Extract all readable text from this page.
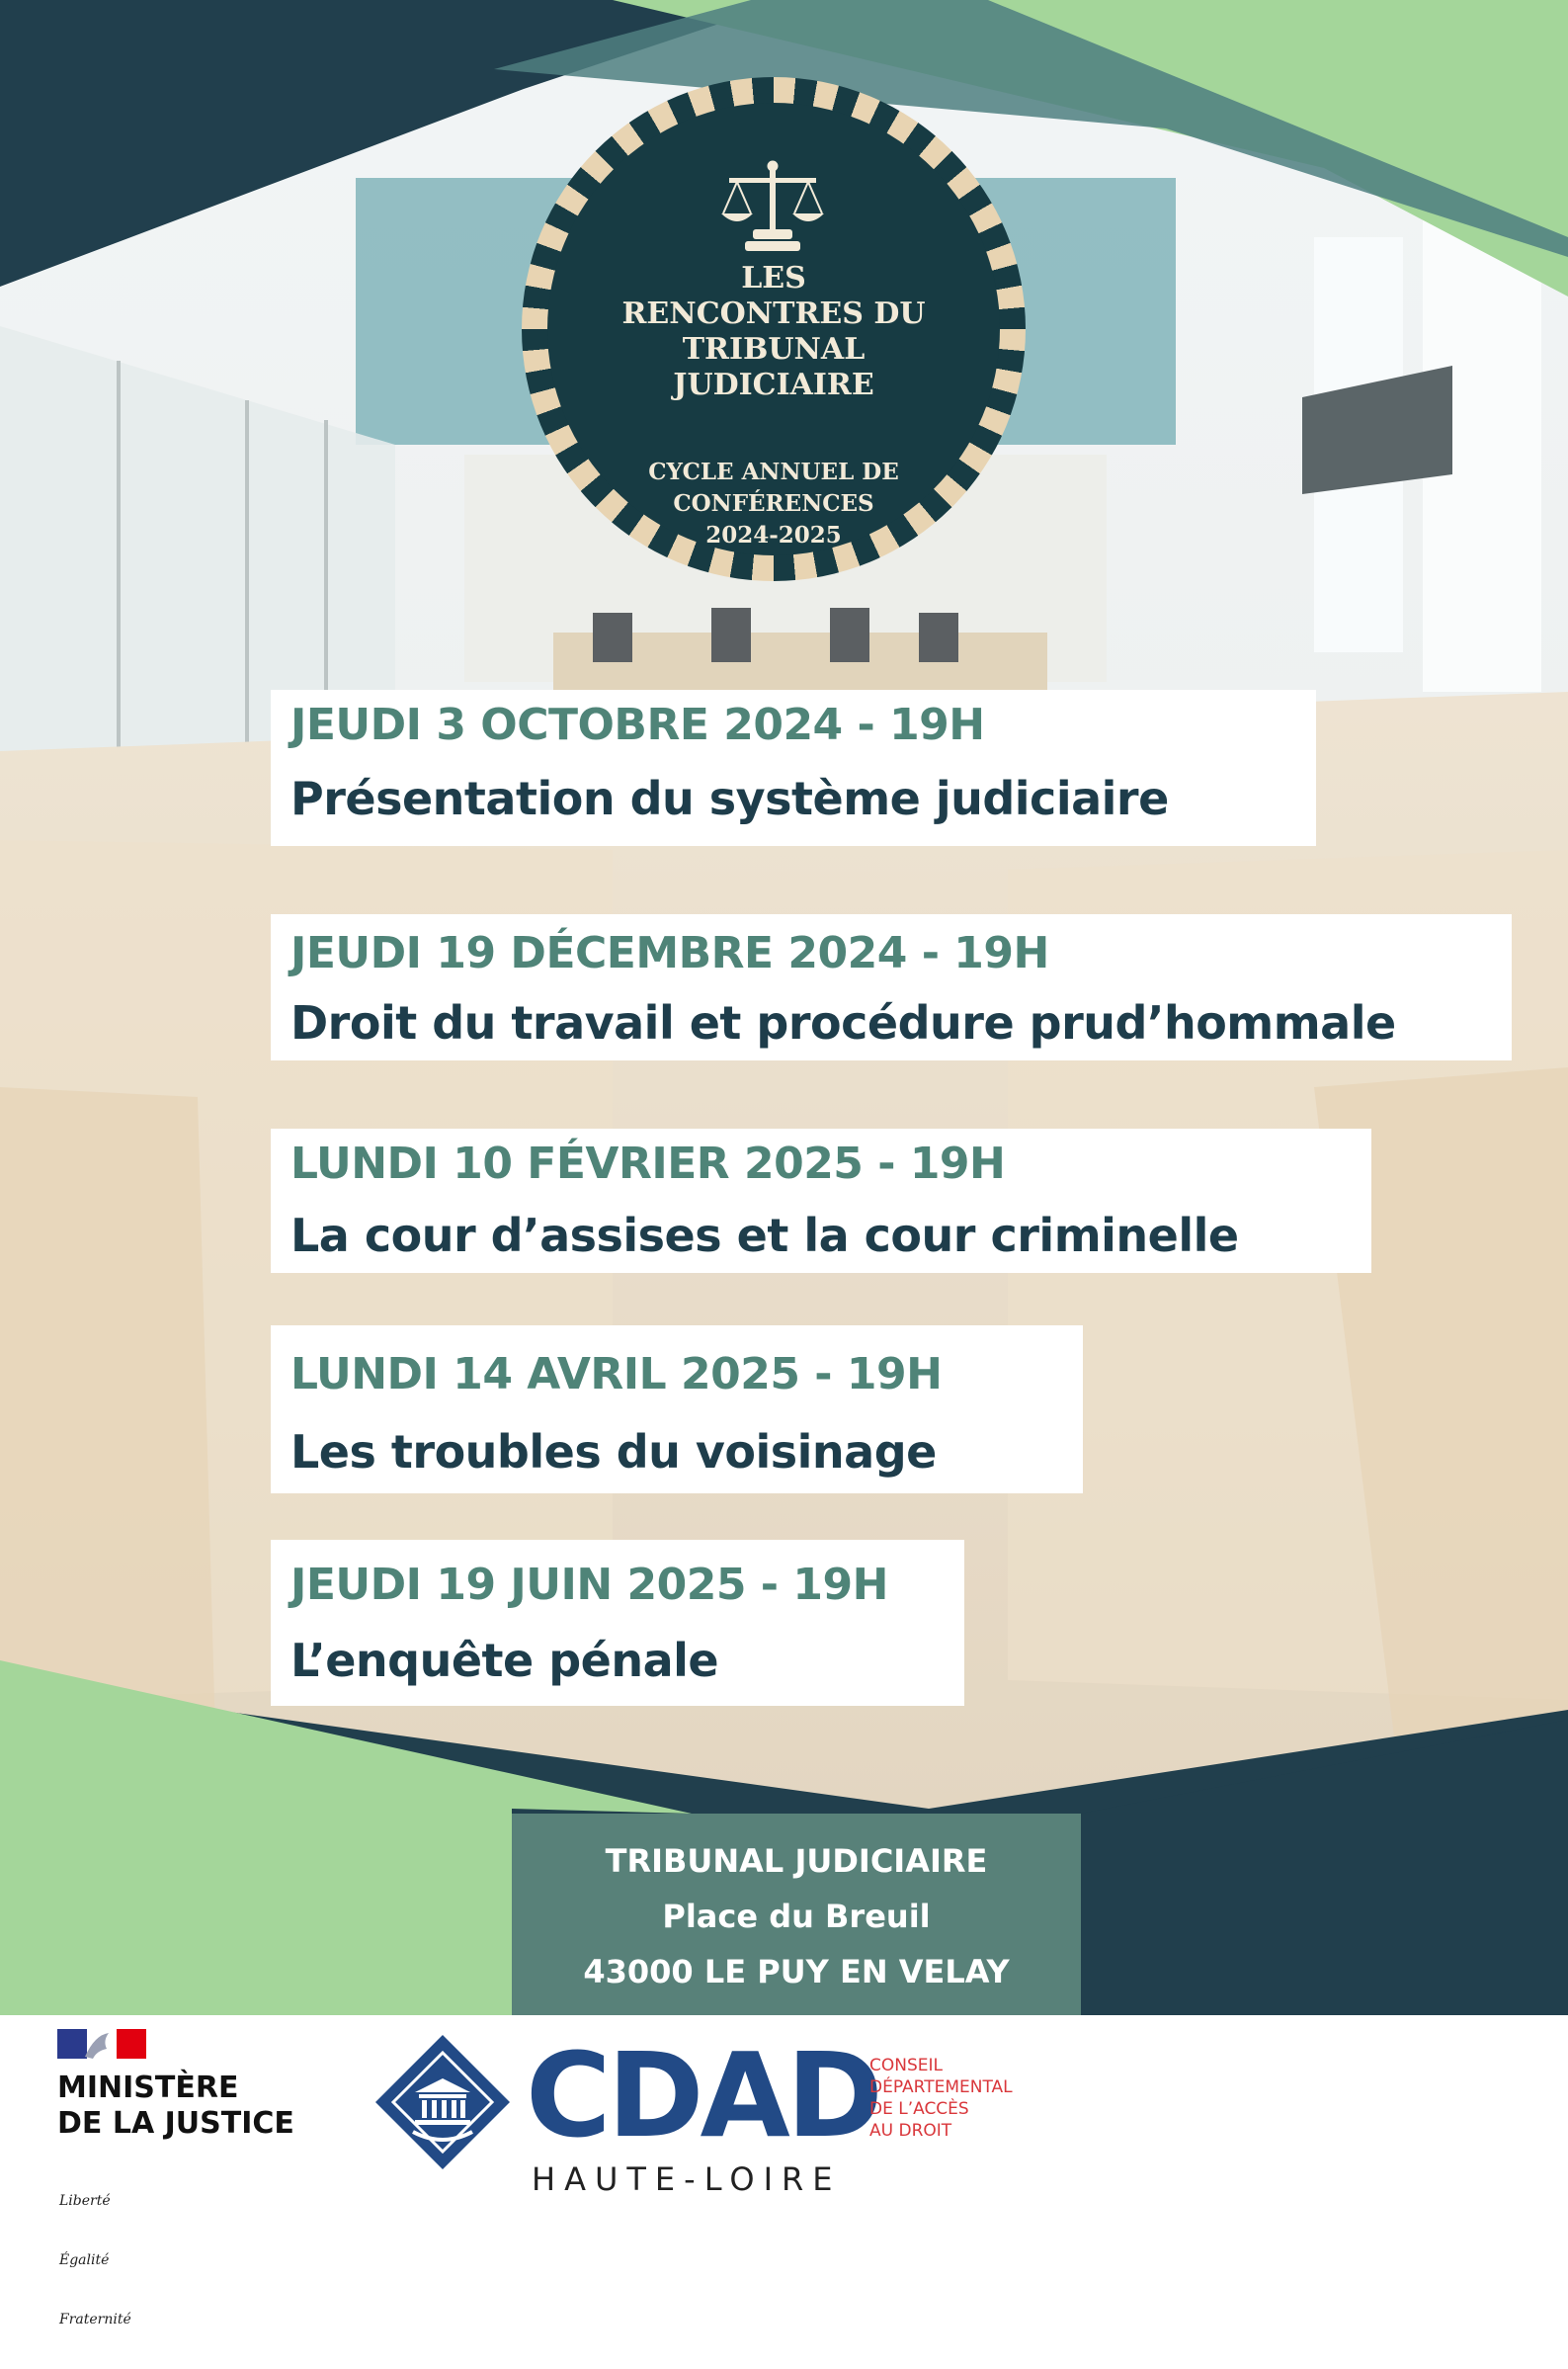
LES
RENCONTRES DU
TRIBUNAL
JUDICIAIRE
CYCLE ANNUEL DE
CONFÉRENCES
2024-2025
JEUDI 3 OCTOBRE 2024 - 19H
Présentation du système judiciaire
JEUDI 19 DÉCEMBRE 2024 - 19H
Droit du travail et procédure prud’hommale
LUNDI 10 FÉVRIER 2025 - 19H
La cour d’assises et la cour criminelle
LUNDI 14 AVRIL 2025 - 19H
Les troubles du voisinage
JEUDI 19 JUIN 2025 - 19H
L’enquête pénale
TRIBUNAL JUDICIAIRE
Place du Breuil
43000 LE PUY EN VELAY
MINISTÈRE
DE LA JUSTICE

Liberté

Égalité

Fraternité

CDAD
HAUTE-LOIRE
CONSEIL
DÉPARTEMENTAL
DE L’ACCÈS
AU DROIT
